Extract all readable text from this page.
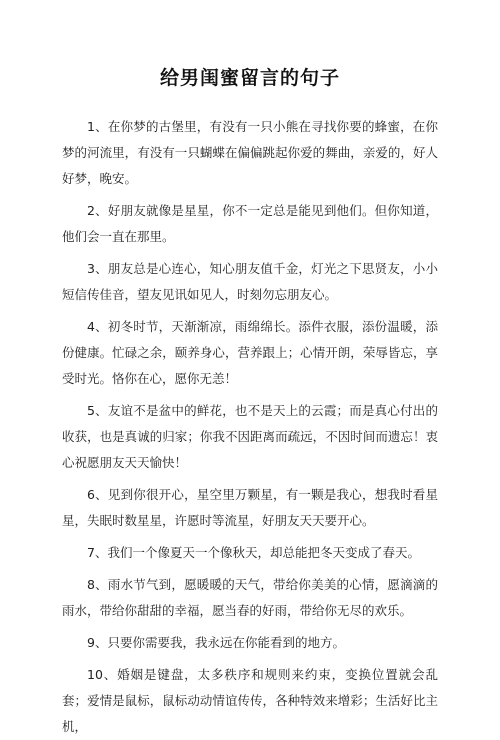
给男闺蜜留言的句子

1、在你梦的古堡里，有没有一只小熊在寻找你要的蜂蜜，在你梦的河流里，有没有一只蝴蝶在偏偏跳起你爱的舞曲，亲爱的，好人好梦，晚安。

2、好朋友就像是星星，你不一定总是能见到他们。但你知道，他们会一直在那里。

3、朋友总是心连心，知心朋友值千金，灯光之下思贤友，小小短信传佳音，望友见讯如见人，时刻勿忘朋友心。

4、初冬时节，天渐渐凉，雨绵绵长。添件衣服，添份温暖，添份健康。忙碌之余，颐养身心，营养跟上；心情开朗，荣辱皆忘，享受时光。恪你在心，愿你无恙！

5、友谊不是盆中的鲜花，也不是天上的云霞；而是真心付出的收获，也是真诚的归家；你我不因距离而疏远，不因时间而遗忘！衷心祝愿朋友天天愉快！

6、见到你很开心，星空里万颗星，有一颗是我心，想我时看星星，失眠时数星星，许愿时等流星，好朋友天天要开心。

7、我们一个像夏天一个像秋天，却总能把冬天变成了春天。

8、雨水节气到，愿暖暖的天气，带给你美美的心情，愿滴滴的雨水，带给你甜甜的幸福，愿当春的好雨，带给你无尽的欢乐。

9、只要你需要我，我永远在你能看到的地方。

10、婚姻是键盘，太多秩序和规则来约束，变换位置就会乱套；爱情是鼠标，鼠标动动情谊传传，各种特效来增彩；生活好比主机，
